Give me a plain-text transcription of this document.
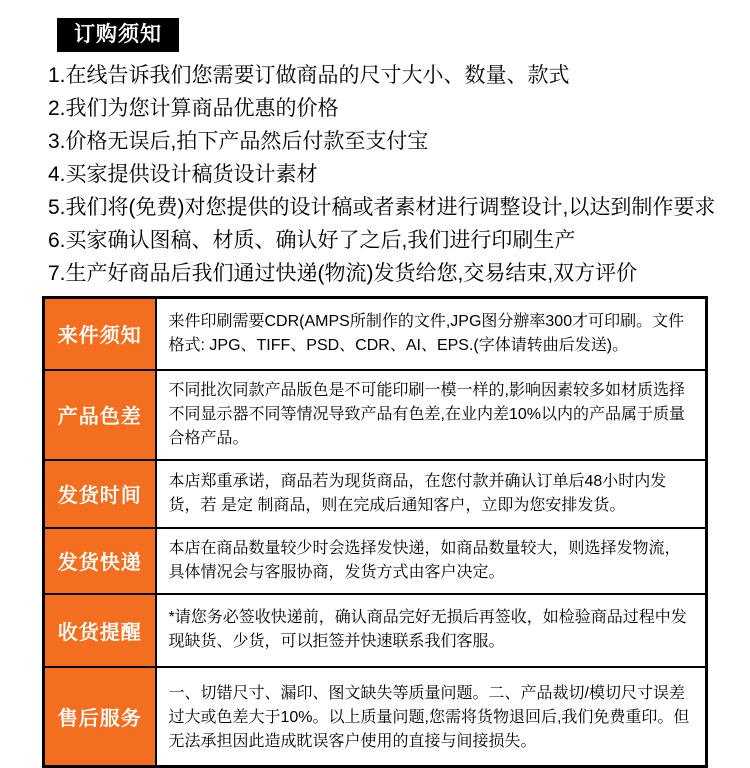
订购须知
1.在线告诉我们您需要订做商品的尺寸大小、数量、款式
2.我们为您计算商品优惠的价格
3.价格无误后,拍下产品然后付款至支付宝
4.买家提供设计稿货设计素材
5.我们将(免费)对您提供的设计稿或者素材进行调整设计,以达到制作要求
6.买家确认图稿、材质、确认好了之后,我们进行印刷生产
7.生产好商品后我们通过快递(物流)发货给您,交易结束,双方评价
来件须知	来件印刷需要CDR(AMPS所制作的文件,JPG图分辦率300才可印刷。文件格式: JPG、TIFF、PSD、CDR、AI、EPS.(字体请转曲后发送)。
产品色差	不同批次同款产品版色是不可能印刷一模一样的,影响因素较多如材质选择不同显示器不同等情况导致产品有色差,在业内差10%以内的产品属于质量合格产品。
发货时间	本店郑重承诺，商品若为现货商品，在您付款并确认订单后48小时内发货，若 是定 制商品，则在完成后通知客户，立即为您安排发货。
发货快递	本店在商品数量较少时会选择发快递，如商品数量较大，则选择发物流，具体情况会与客服协商，发货方式由客户决定。
收货提醒	*请您务必签收快递前，确认商品完好无损后再签收，如检验商品过程中发现缺货、少货，可以拒签并快速联系我们客服。
售后服务	一、切错尺寸、漏印、图文缺失等质量问题。二、产品裁切/模切尺寸误差过大或色差大于10%。以上质量问题,您需将货物退回后,我们免费重印。但无法承担因此造成眈误客户使用的直接与间接损失。
